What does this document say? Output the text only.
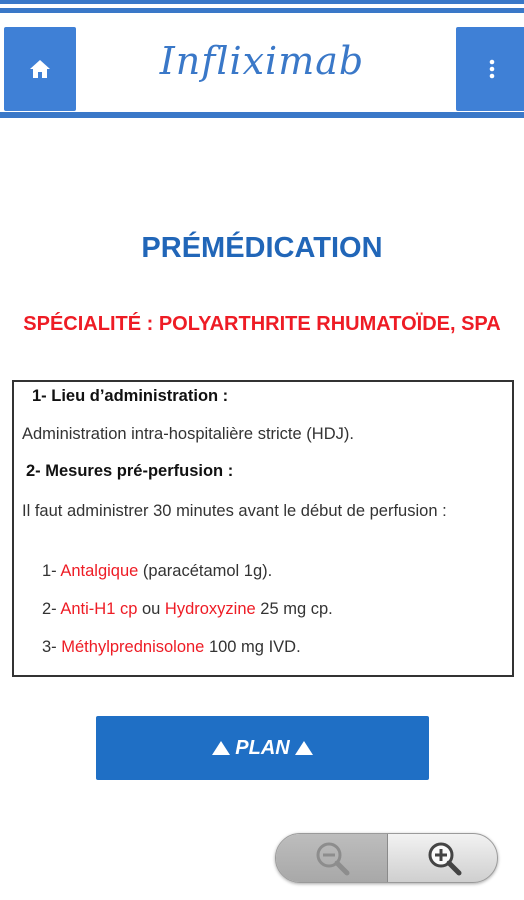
Infliximab
PRÉMÉDICATION
SPÉCIALITÉ : POLYARTHRITE RHUMATOÏDE, SPA

1- Lieu d’administration :

Administration intra-hospitalière stricte (HDJ).

2- Mesures pré-perfusion :

Il faut administrer 30 minutes avant le début de perfusion :

1- Antalgique (paracétamol 1g).

2- Anti-H1 cp ou Hydroxyzine 25 mg cp.

3- Méthylprednisolone 100 mg IVD.

PLAN
